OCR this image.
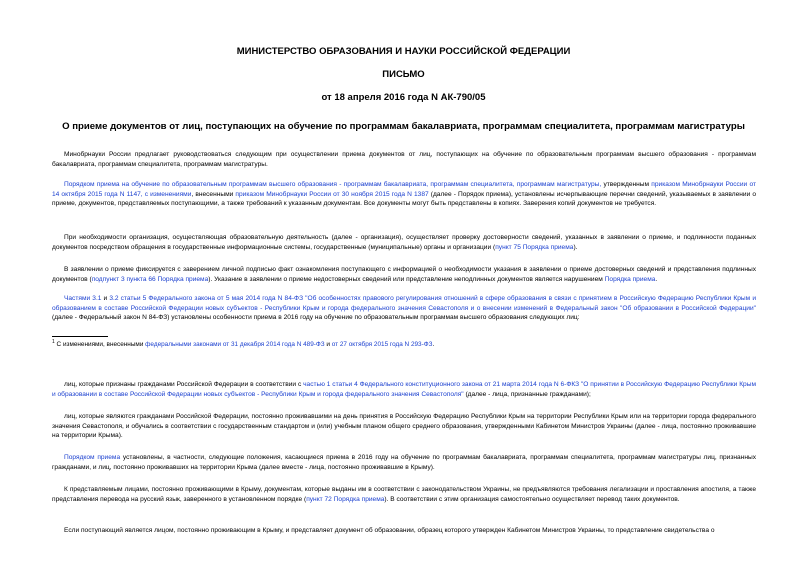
МИНИСТЕРСТВО ОБРАЗОВАНИЯ И НАУКИ РОССИЙСКОЙ ФЕДЕРАЦИИ
ПИСЬМО
от 18 апреля 2016 года N АК-790/05
О приеме документов от лиц, поступающих на обучение по программам бакалавриата, программам специалитета, программам магистратуры
Минобрнауки России предлагает руководствоваться следующим при осуществлении приема документов от лиц, поступающих на обучение по образовательным программам высшего образования - программам бакалавриата, программам специалитета, программам магистратуры.
Порядком приема на обучение по образовательным программам высшего образования - программам бакалавриата, программам специалитета, программам магистратуры, утвержденным приказом Минобрнауки России от 14 октября 2015 года N 1147, с изменениями, внесенными приказом Минобрнауки России от 30 ноября 2015 года N 1387 (далее - Порядок приема), установлены исчерпывающие перечни сведений, указываемых в заявлении о приеме, документов, представляемых поступающими, а также требований к указанным документам. Все документы могут быть представлены в копиях. Заверения копий документов не требуется.
При необходимости организация, осуществляющая образовательную деятельность (далее - организация), осуществляет проверку достоверности сведений, указанных в заявлении о приеме, и подлинности поданных документов посредством обращения в государственные информационные системы, государственные (муниципальные) органы и организации (пункт 75 Порядка приема).
В заявлении о приеме фиксируется с заверением личной подписью факт ознакомления поступающего с информацией о необходимости указания в заявлении о приеме достоверных сведений и представления подлинных документов (подпункт 3 пункта 66 Порядка приема). Указание в заявлении о приеме недостоверных сведений или представление неподлинных документов является нарушением Порядка приема.
Частями 3.1 и 3.2 статьи 5 Федерального закона от 5 мая 2014 года N 84-ФЗ "Об особенностях правового регулирования отношений в сфере образования в связи с принятием в Российскую Федерацию Республики Крым и образованием в составе Российской Федерации новых субъектов - Республики Крым и города федерального значения Севастополя и о внесении изменений в Федеральный закон "Об образовании в Российской Федерации" (далее - Федеральный закон N 84-ФЗ) установлены особенности приема в 2016 году на обучение по образовательным программам высшего образования следующих лиц:
$^1$ С изменениями, внесенными федеральными законами от 31 декабря 2014 года N 489-ФЗ и от 27 октября 2015 года N 293-ФЗ.
лиц, которые признаны гражданами Российской Федерации в соответствии с частью 1 статьи 4 Федерального конституционного закона от 21 марта 2014 года N 6-ФКЗ "О принятии в Российскую Федерацию Республики Крым и образовании в составе Российской Федерации новых субъектов - Республики Крым и города федерального значения Севастополя" (далее - лица, признанные гражданами);
лиц, которые являются гражданами Российской Федерации, постоянно проживавшими на день принятия в Российскую Федерацию Республики Крым на территории Республики Крым или на территории города федерального значения Севастополя, и обучались в соответствии с государственным стандартом и (или) учебным планом общего среднего образования, утвержденными Кабинетом Министров Украины (далее - лица, постоянно проживавшие на территории Крыма).
Порядком приема установлены, в частности, следующие положения, касающиеся приема в 2016 году на обучение по программам бакалавриата, программам специалитета, программам магистратуры лиц, признанных гражданами, и лиц, постоянно проживавших на территории Крыма (далее вместе - лица, постоянно проживавшие в Крыму).
К представляемым лицами, постоянно проживающими в Крыму, документам, которые выданы им в соответствии с законодательством Украины, не предъявляются требования легализации и проставления апостиля, а также представления перевода на русский язык, заверенного в установленном порядке (пункт 72 Порядка приема). В соответствии с этим организация самостоятельно осуществляет перевод таких документов.
Если поступающий является лицом, постоянно проживающим в Крыму, и представляет документ об образовании, образец которого утвержден Кабинетом Министров Украины, то представление свидетельства о
